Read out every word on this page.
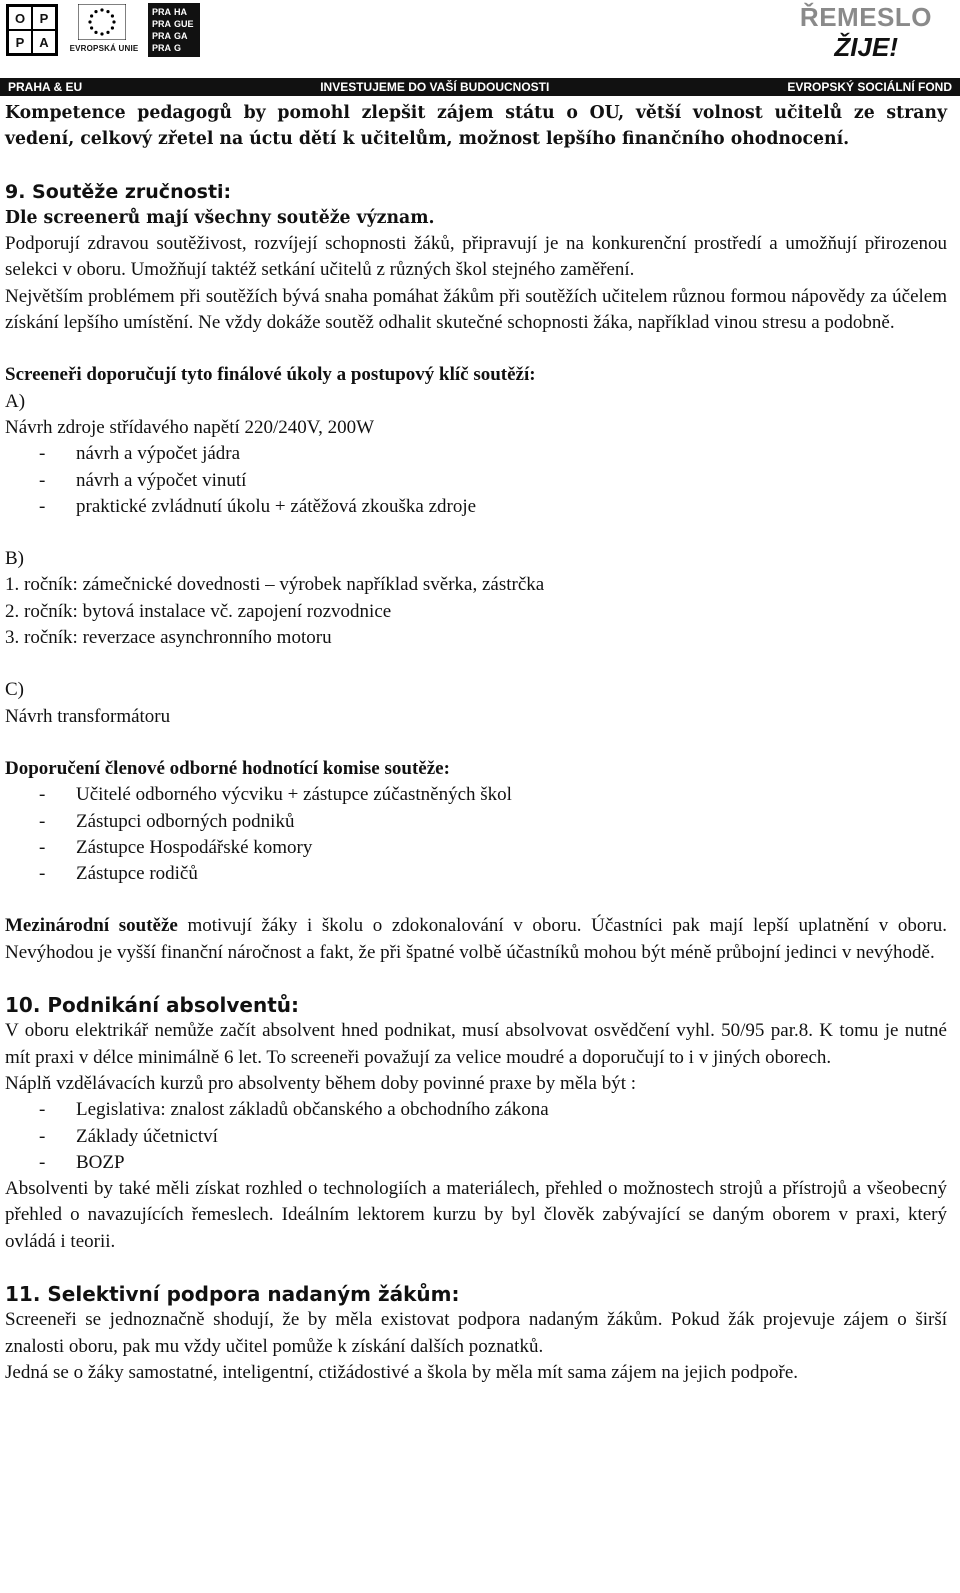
O	P
P	A	EVROPSKÁ UNIE
PRA HA
PRA GUE
PRA GA
PRA G
ŘEMESLO
ŽIJE!
PRAHA & EU	INVESTUJEME DO VAŠÍ BUDOUCNOSTI	EVROPSKÝ SOCIÁLNÍ FOND

Kompetence pedagogů by pomohl zlepšit zájem státu o OU, větší volnost učitelů ze strany vedení, celkový zřetel na úctu dětí k učitelům, možnost lepšího finančního ohodnocení.

9. Soutěže zručnosti:

Dle screenerů mají všechny soutěže význam.

Podporují zdravou soutěživost, rozvíjejí schopnosti žáků, připravují je na konkurenční prostředí a umožňují přirozenou selekci v oboru. Umožňují taktéž setkání učitelů z různých škol stejného zaměření.

Největším problémem při soutěžích bývá snaha pomáhat žákům při soutěžích učitelem různou formou nápovědy za účelem získání lepšího umístění. Ne vždy dokáže soutěž odhalit skutečné schopnosti žáka, například vinou stresu a podobně.

Screeneři doporučují tyto finálové úkoly a postupový klíč soutěží:

A)

Návrh zdroje střídavého napětí 220/240V, 200W

- návrh a výpočet jádra
- návrh a výpočet vinutí
- praktické zvládnutí úkolu + zátěžová zkouška zdroje

B)

1. ročník: zámečnické dovednosti – výrobek například svěrka, zástrčka

2. ročník: bytová instalace vč. zapojení rozvodnice

3. ročník: reverzace asynchronního motoru

C)

Návrh transformátoru

Doporučení členové odborné hodnotící komise soutěže:

- Učitelé odborného výcviku + zástupce zúčastněných škol
- Zástupci odborných podniků
- Zástupce Hospodářské komory
- Zástupce rodičů

Mezinárodní soutěže motivují žáky i školu o zdokonalování v oboru. Účastníci pak mají lepší uplatnění v oboru. Nevýhodou je vyšší finanční náročnost a fakt, že při špatné volbě účastníků mohou být méně průbojní jedinci v nevýhodě.

10. Podnikání absolventů:

V oboru elektrikář nemůže začít absolvent hned podnikat, musí absolvovat osvědčení vyhl. 50/95 par.8. K tomu je nutné mít praxi v délce minimálně 6 let. To screeneři považují za velice moudré a doporučují to i v jiných oborech.

Náplň vzdělávacích kurzů pro absolventy během doby povinné praxe by měla být :

- Legislativa: znalost základů občanského a obchodního zákona
- Základy účetnictví
- BOZP

Absolventi by také měli získat rozhled o technologiích a materiálech, přehled o možnostech strojů a přístrojů a všeobecný přehled o navazujících řemeslech. Ideálním lektorem kurzu by byl člověk zabývající se daným oborem v praxi, který ovládá i teorii.

11. Selektivní podpora nadaným žákům:

Screeneři se jednoznačně shodují, že by měla existovat podpora nadaným žákům. Pokud žák projevuje zájem o širší znalosti oboru, pak mu vždy učitel pomůže k získání dalších poznatků.

Jedná se o žáky samostatné, inteligentní, ctižádostivé a škola by měla mít sama zájem na jejich podpoře.
